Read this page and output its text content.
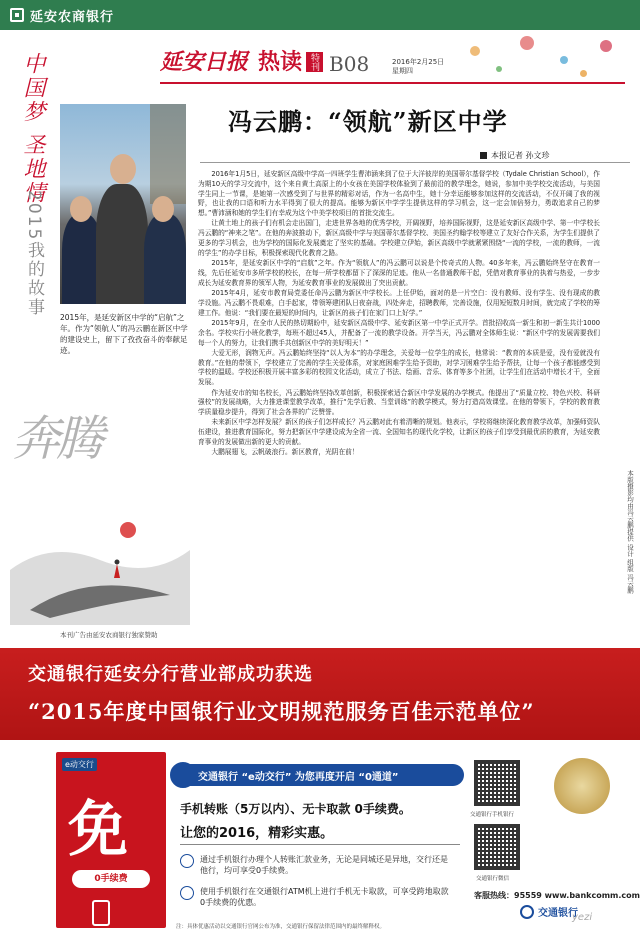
延安农商银行
延安日报 热读 特刊 B08	2016年2月25日
星期四
中国梦 圣地情
2015我的故事
2015年，是延安新区中学的“启航”之年。作为“领航人”的冯云鹏在新区中学的建设史上，留下了孜孜奋斗的奉献足迹。
冯云鹏：“领航”新区中学
本报记者 孙文珍

2016年1月5日，延安新区高级中学高一四班学生曹沛涵来到了位于大洋彼岸的美国蒂尔基督学校（Tydale Christian School），作为期10天的学习交流中，这个来自黄土高原上的小女孩在美国学校体验到了最前沿的教学理念，她说，参加中美学校交流活动，与美国学生同上一节课，是她第一次感受到了与世界的精彩对话，作为一名高中生，她十分幸运能够参加这样的交流活动，不仅开阔了我的视野，也让我的口语和听力水平得到了很大的提高。能够为新区中学学生提供这样的学习机会，这一定会加倍努力，勇敢追求自己的梦想。”曹沛涵和她的学生们有幸成为这个中美学校项目的首批交流生。

让黄土地上的孩子们有机会走出国门，走进世界各地的优秀学校，开阔视野，培养国际视野，这是延安新区高级中学、第一中学校长冯云鹏的“神来之笔”。在他的奔波推动下，新区高级中学与美国蒂尔基督学校、美国圣约翰学校等建立了友好合作关系，为学生们提供了更多的学习机会，也为学校的国际化发展奠定了坚实的基础。学校建立伊始，新区高级中学就紧紧围绕“一流的学校，一流的教师，一流的学生”的办学目标，积极探索现代化教育之路。

2015年，是延安新区中学的“启航”之年。作为“领航人”的冯云鹏可以说是个传奇式的人物。40多年来，冯云鹏始终坚守在教育一线，先后任延安市多所学校的校长，在每一所学校都留下了深深的足迹。他从一名普通教师干起，凭借对教育事业的执着与热爱，一步步成长为延安教育界的领军人物，为延安教育事业的发展做出了突出贡献。

2015年4月，延安市教育局党委任命冯云鹏为新区中学校长。上任伊始，面对的是一片空白：没有教师、没有学生、没有现成的教学设施。冯云鹏不畏艰难，白手起家，带领筹建团队日夜奋战，四处奔走，招聘教师，完善设施，仅用短短数月时间，就完成了学校的筹建工作。他说：“我们要在最短的时间内，让新区的孩子们在家门口上好学。”

2015年9月，在全市人民的热切期盼中，延安新区高级中学、延安新区第一中学正式开学。首批招收高一新生和初一新生共计1000余名。学校实行小班化教学，每班不超过45人，并配备了一流的教学设备。开学当天，冯云鹏对全体师生说：“新区中学的发展需要我们每一个人的努力，让我们携手共创新区中学的美好明天！”

大爱无形，润物无声。冯云鹏始终坚持“以人为本”的办学理念，关爱每一位学生的成长，他常说：“教育的本质是爱，没有爱就没有教育。”在他的带领下，学校建立了完善的学生关爱体系，对家庭困难学生给予资助，对学习困难学生给予帮扶，让每一个孩子都能感受到学校的温暖。学校还积极开展丰富多彩的校园文化活动，成立了书法、绘画、音乐、体育等多个社团，让学生们在活动中增长才干，全面发展。

作为延安市的知名校长，冯云鹏始终坚持改革创新，积极探索适合新区中学发展的办学模式。他提出了“质量立校、特色兴校、科研强校”的发展战略，大力推进课堂教学改革，推行“先学后教、当堂训练”的教学模式，努力打造高效课堂。在他的带领下，学校的教育教学质量稳步提升，得到了社会各界的广泛赞誉。

未来新区中学怎样发展？新区的孩子们怎样成长？冯云鹏对此有着清晰的规划。他表示，学校将继续深化教育教学改革，加强师资队伍建设，推进教育国际化，努力把新区中学建设成为全省一流、全国知名的现代化学校，让新区的孩子们享受到最优质的教育，为延安教育事业的发展做出新的更大的贡献。

大鹏展翅飞，云帆破浪行。新区教育，光阴在前！

本版摄影均由冯云鹏提供 设计 组版 冯云鹏
奔腾
本刊广告由延安农商银行独家赞助
交通银行延安分行营业部成功获选
“2015年度中国银行业文明规范服务百佳示范单位”
e动交行
免
0手续费
交通银行 “e动交行” 为您再度开启 “0通道”
手机转账（5万以内）、无卡取款 0手续费。
让您的2016，精彩实惠。
通过手机银行办理个人转账汇款业务，无论是同城还是异地，交行还是他行，均可享受0手续费。
使用手机银行在交通银行ATM机上进行手机无卡取款，可享受跨地取款0手续费的优惠。
注：具体优惠活动以交通银行官网公布为准，交通银行保留法律范围内的最终解释权。
交通银行手机银行
交通银行微信
客服热线：95559 www.bankcomm.com
交通银行
yezi
